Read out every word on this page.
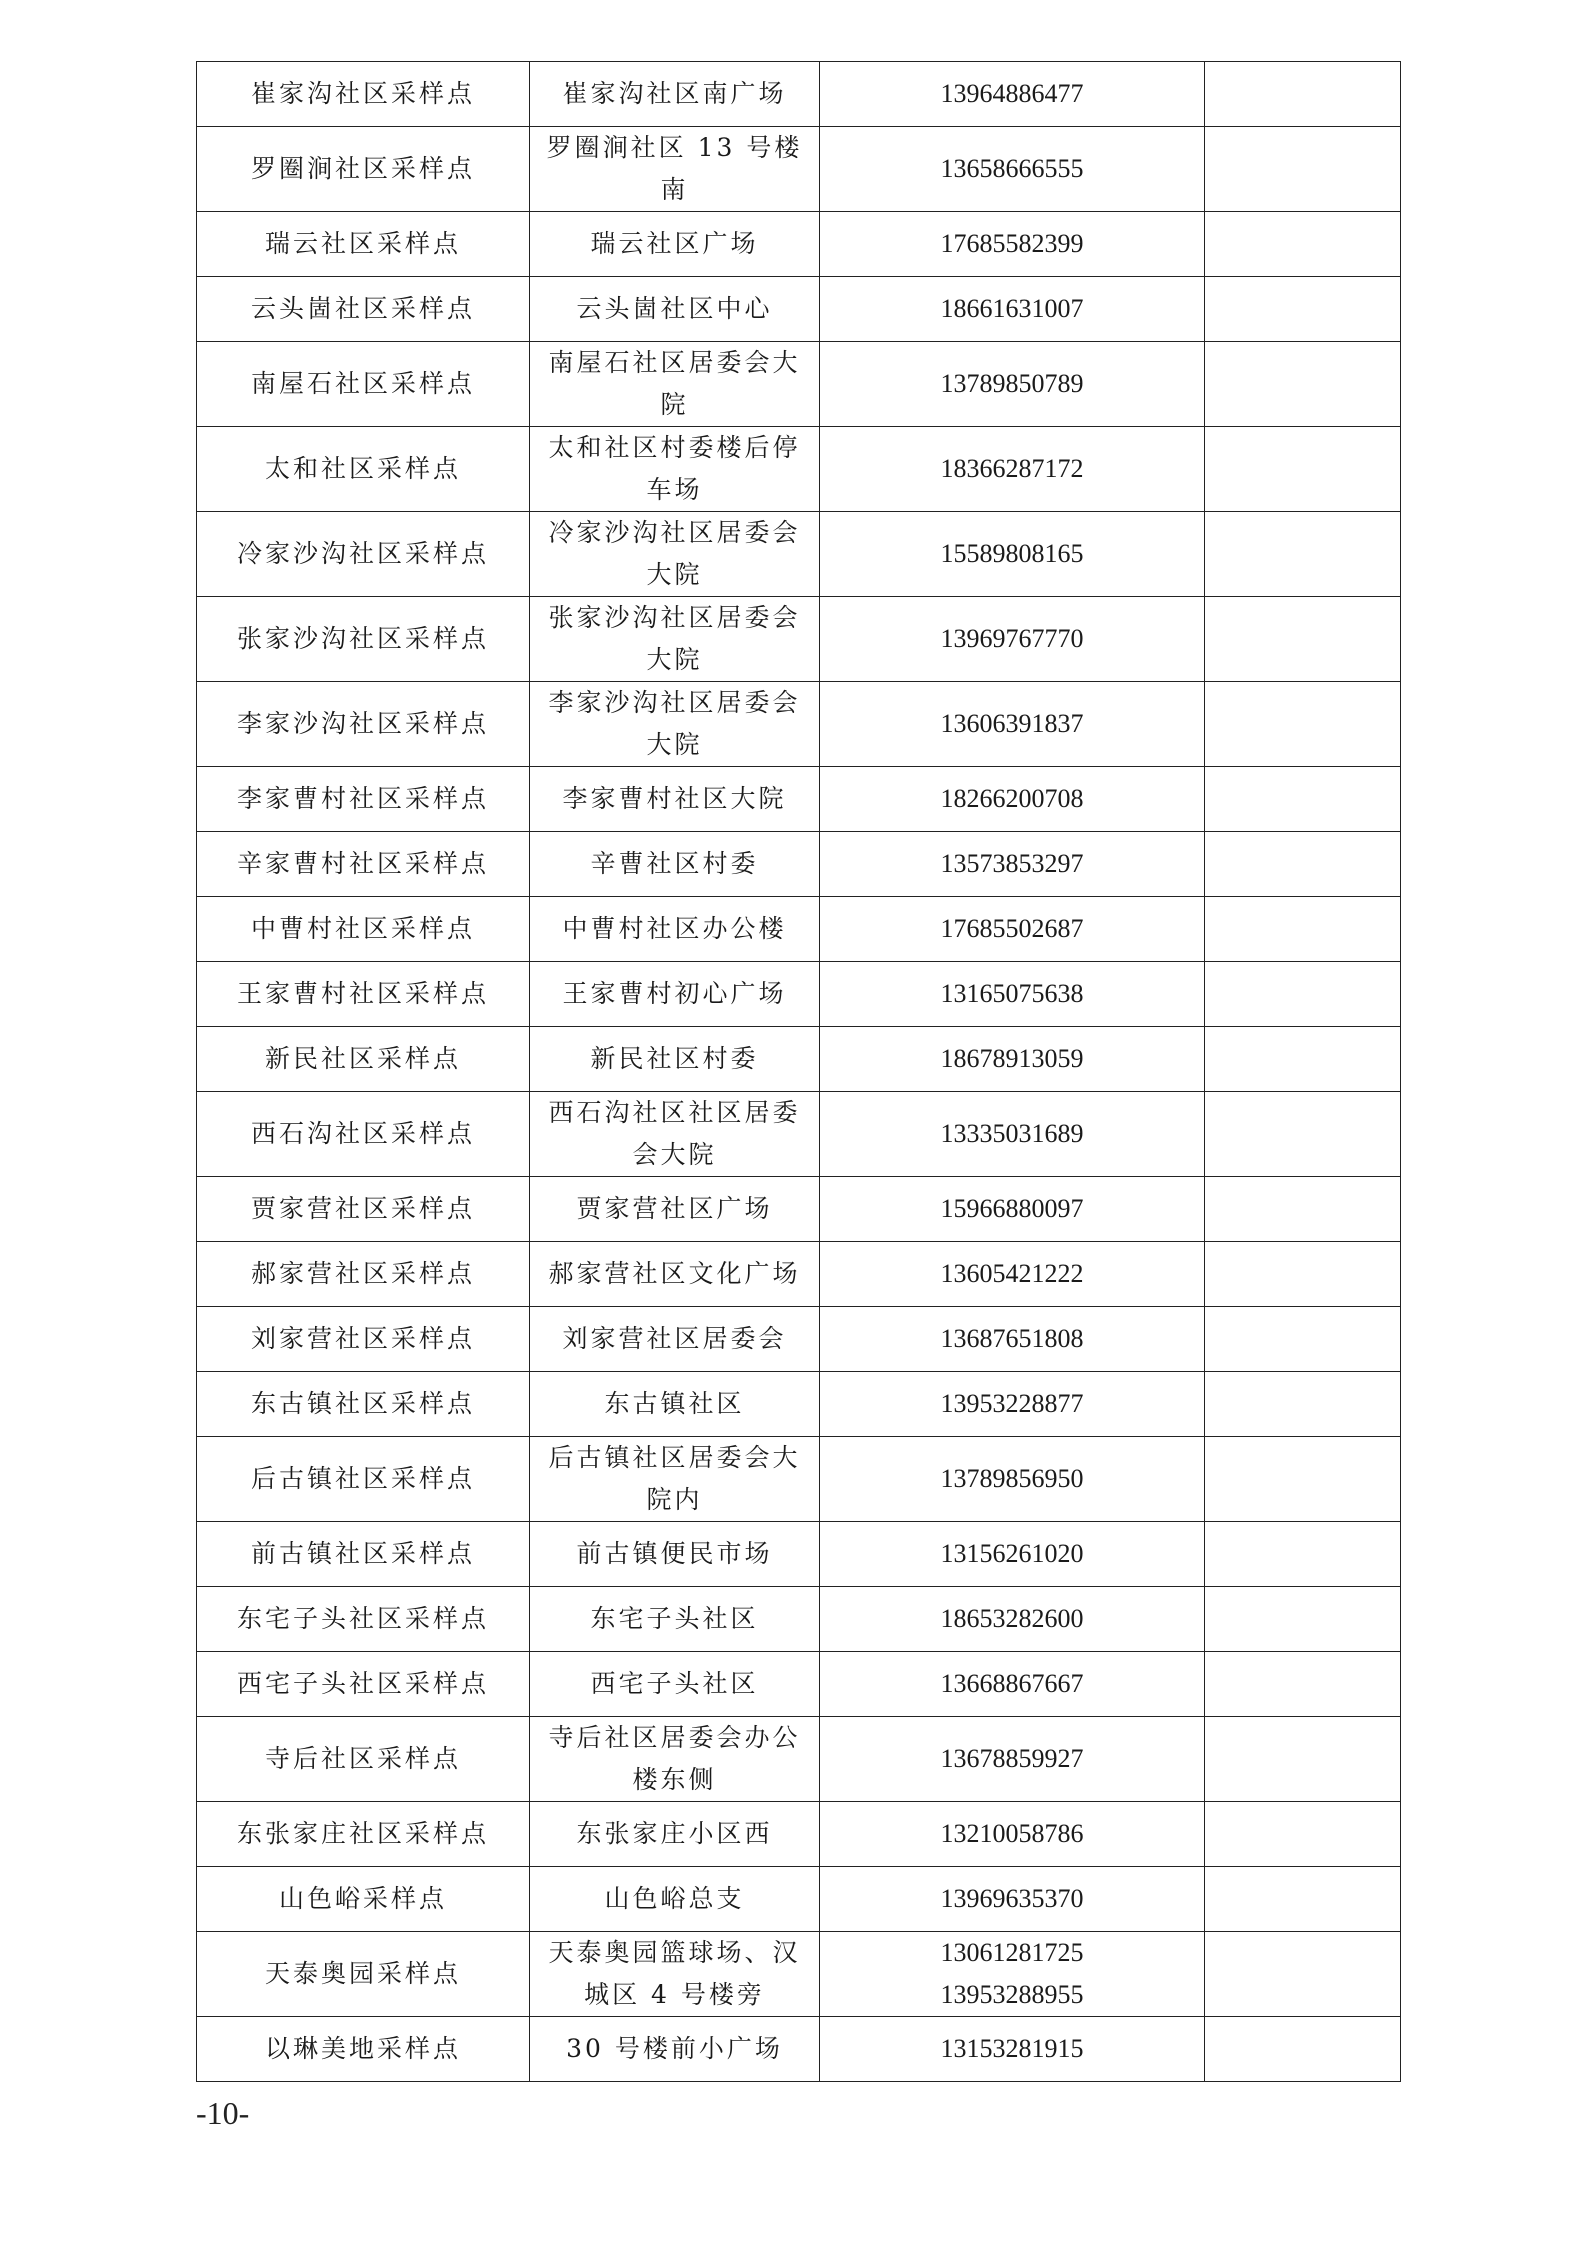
崔家沟社区采样点	崔家沟社区南广场	13964886477	

罗圈涧社区采样点	罗圈涧社区 13 号楼南	13658666555	

瑞云社区采样点	瑞云社区广场	17685582399	

云头崮社区采样点	云头崮社区中心	18661631007	

南屋石社区采样点	南屋石社区居委会大院	13789850789	

太和社区采样点	太和社区村委楼后停车场	18366287172	

冷家沙沟社区采样点	冷家沙沟社区居委会大院	15589808165	

张家沙沟社区采样点	张家沙沟社区居委会大院	13969767770	

李家沙沟社区采样点	李家沙沟社区居委会大院	13606391837	

李家曹村社区采样点	李家曹村社区大院	18266200708	

辛家曹村社区采样点	辛曹社区村委	13573853297	

中曹村社区采样点	中曹村社区办公楼	17685502687	

王家曹村社区采样点	王家曹村初心广场	13165075638	

新民社区采样点	新民社区村委	18678913059	

西石沟社区采样点	西石沟社区社区居委会大院	13335031689	

贾家营社区采样点	贾家营社区广场	15966880097	

郝家营社区采样点	郝家营社区文化广场	13605421222	

刘家营社区采样点	刘家营社区居委会	13687651808	

东古镇社区采样点	东古镇社区	13953228877	

后古镇社区采样点	后古镇社区居委会大院内	13789856950	

前古镇社区采样点	前古镇便民市场	13156261020	

东宅子头社区采样点	东宅子头社区	18653282600	

西宅子头社区采样点	西宅子头社区	13668867667	

寺后社区采样点	寺后社区居委会办公楼东侧	13678859927	

东张家庄社区采样点	东张家庄小区西	13210058786	

山色峪采样点	山色峪总支	13969635370	

天泰奥园采样点	天泰奥园篮球场、汉城区 4 号楼旁	13061281725
13953288955	

以琳美地采样点	30 号楼前小广场	13153281915	

-10-
